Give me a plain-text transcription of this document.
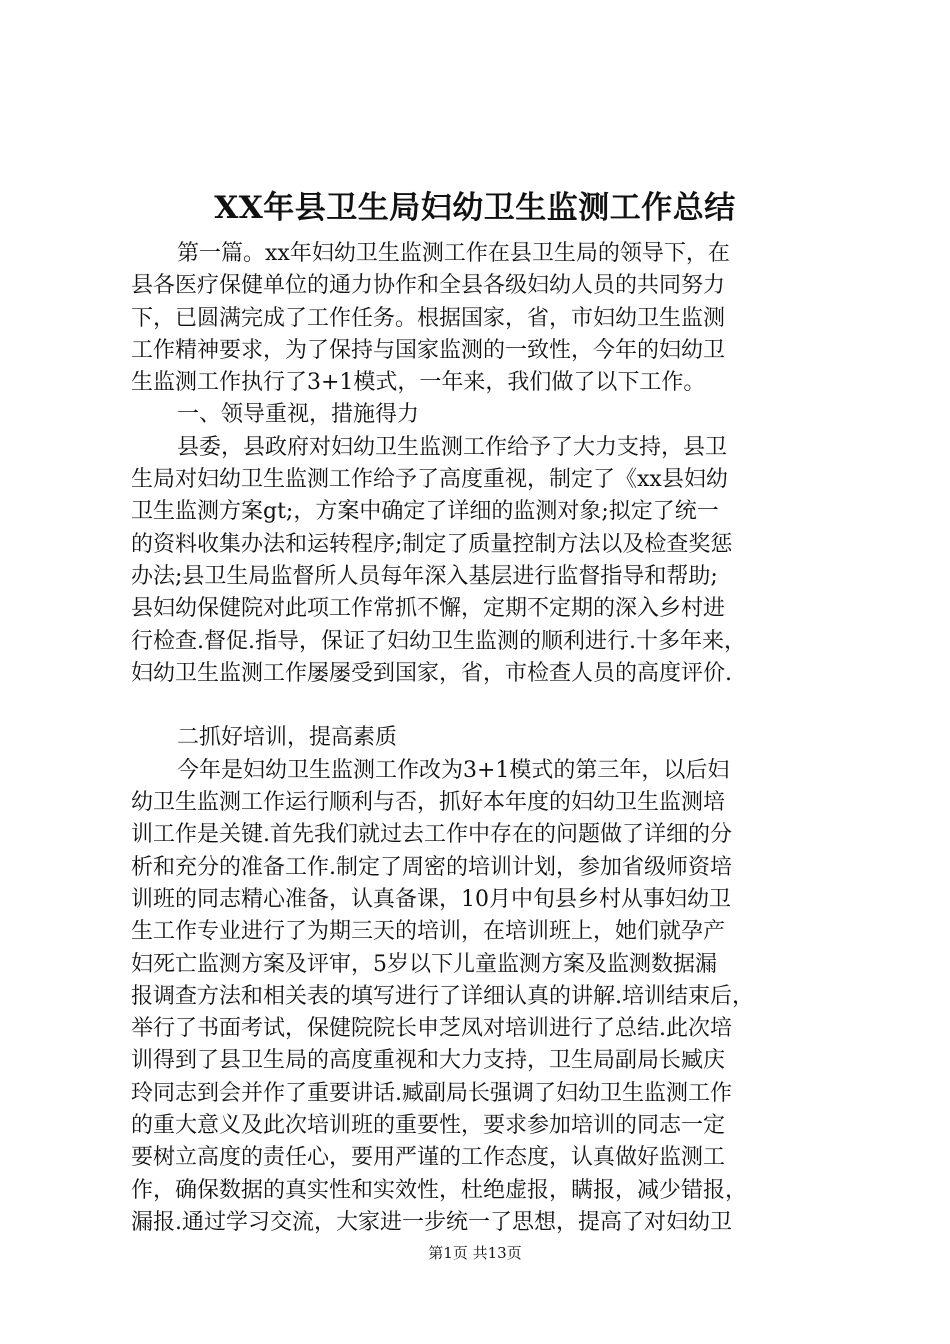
XX年县卫生局妇幼卫生监测工作总结
第一篇。xx年妇幼卫生监测工作在县卫生局的领导下，在
县各医疗保健单位的通力协作和全县各级妇幼人员的共同努力
下，已圆满完成了工作任务。根据国家，省，市妇幼卫生监测
工作精神要求，为了保持与国家监测的一致性，今年的妇幼卫
生监测工作执行了3+1模式，一年来，我们做了以下工作。
一、领导重视，措施得力
县委，县政府对妇幼卫生监测工作给予了大力支持，县卫
生局对妇幼卫生监测工作给予了高度重视，制定了《xx县妇幼
卫生监测方案gt;，方案中确定了详细的监测对象;拟定了统一
的资料收集办法和运转程序;制定了质量控制方法以及检查奖惩
办法;县卫生局监督所人员每年深入基层进行监督指导和帮助;
县妇幼保健院对此项工作常抓不懈，定期不定期的深入乡村进
行检查.督促.指导，保证了妇幼卫生监测的顺利进行.十多年来，
妇幼卫生监测工作屡屡受到国家，省，市检查人员的高度评价.
二抓好培训，提高素质
今年是妇幼卫生监测工作改为3+1模式的第三年，以后妇
幼卫生监测工作运行顺利与否，抓好本年度的妇幼卫生监测培
训工作是关键.首先我们就过去工作中存在的问题做了详细的分
析和充分的准备工作.制定了周密的培训计划，参加省级师资培
训班的同志精心准备，认真备课，10月中旬县乡村从事妇幼卫
生工作专业进行了为期三天的培训，在培训班上，她们就孕产
妇死亡监测方案及评审，5岁以下儿童监测方案及监测数据漏
报调查方法和相关表的填写进行了详细认真的讲解.培训结束后，
举行了书面考试，保健院院长申芝凤对培训进行了总结.此次培
训得到了县卫生局的高度重视和大力支持，卫生局副局长臧庆
玲同志到会并作了重要讲话.臧副局长强调了妇幼卫生监测工作
的重大意义及此次培训班的重要性，要求参加培训的同志一定
要树立高度的责任心，要用严谨的工作态度，认真做好监测工
作，确保数据的真实性和实效性，杜绝虚报，瞒报，减少错报，
漏报.通过学习交流，大家进一步统一了思想，提高了对妇幼卫
第1页 共13页
